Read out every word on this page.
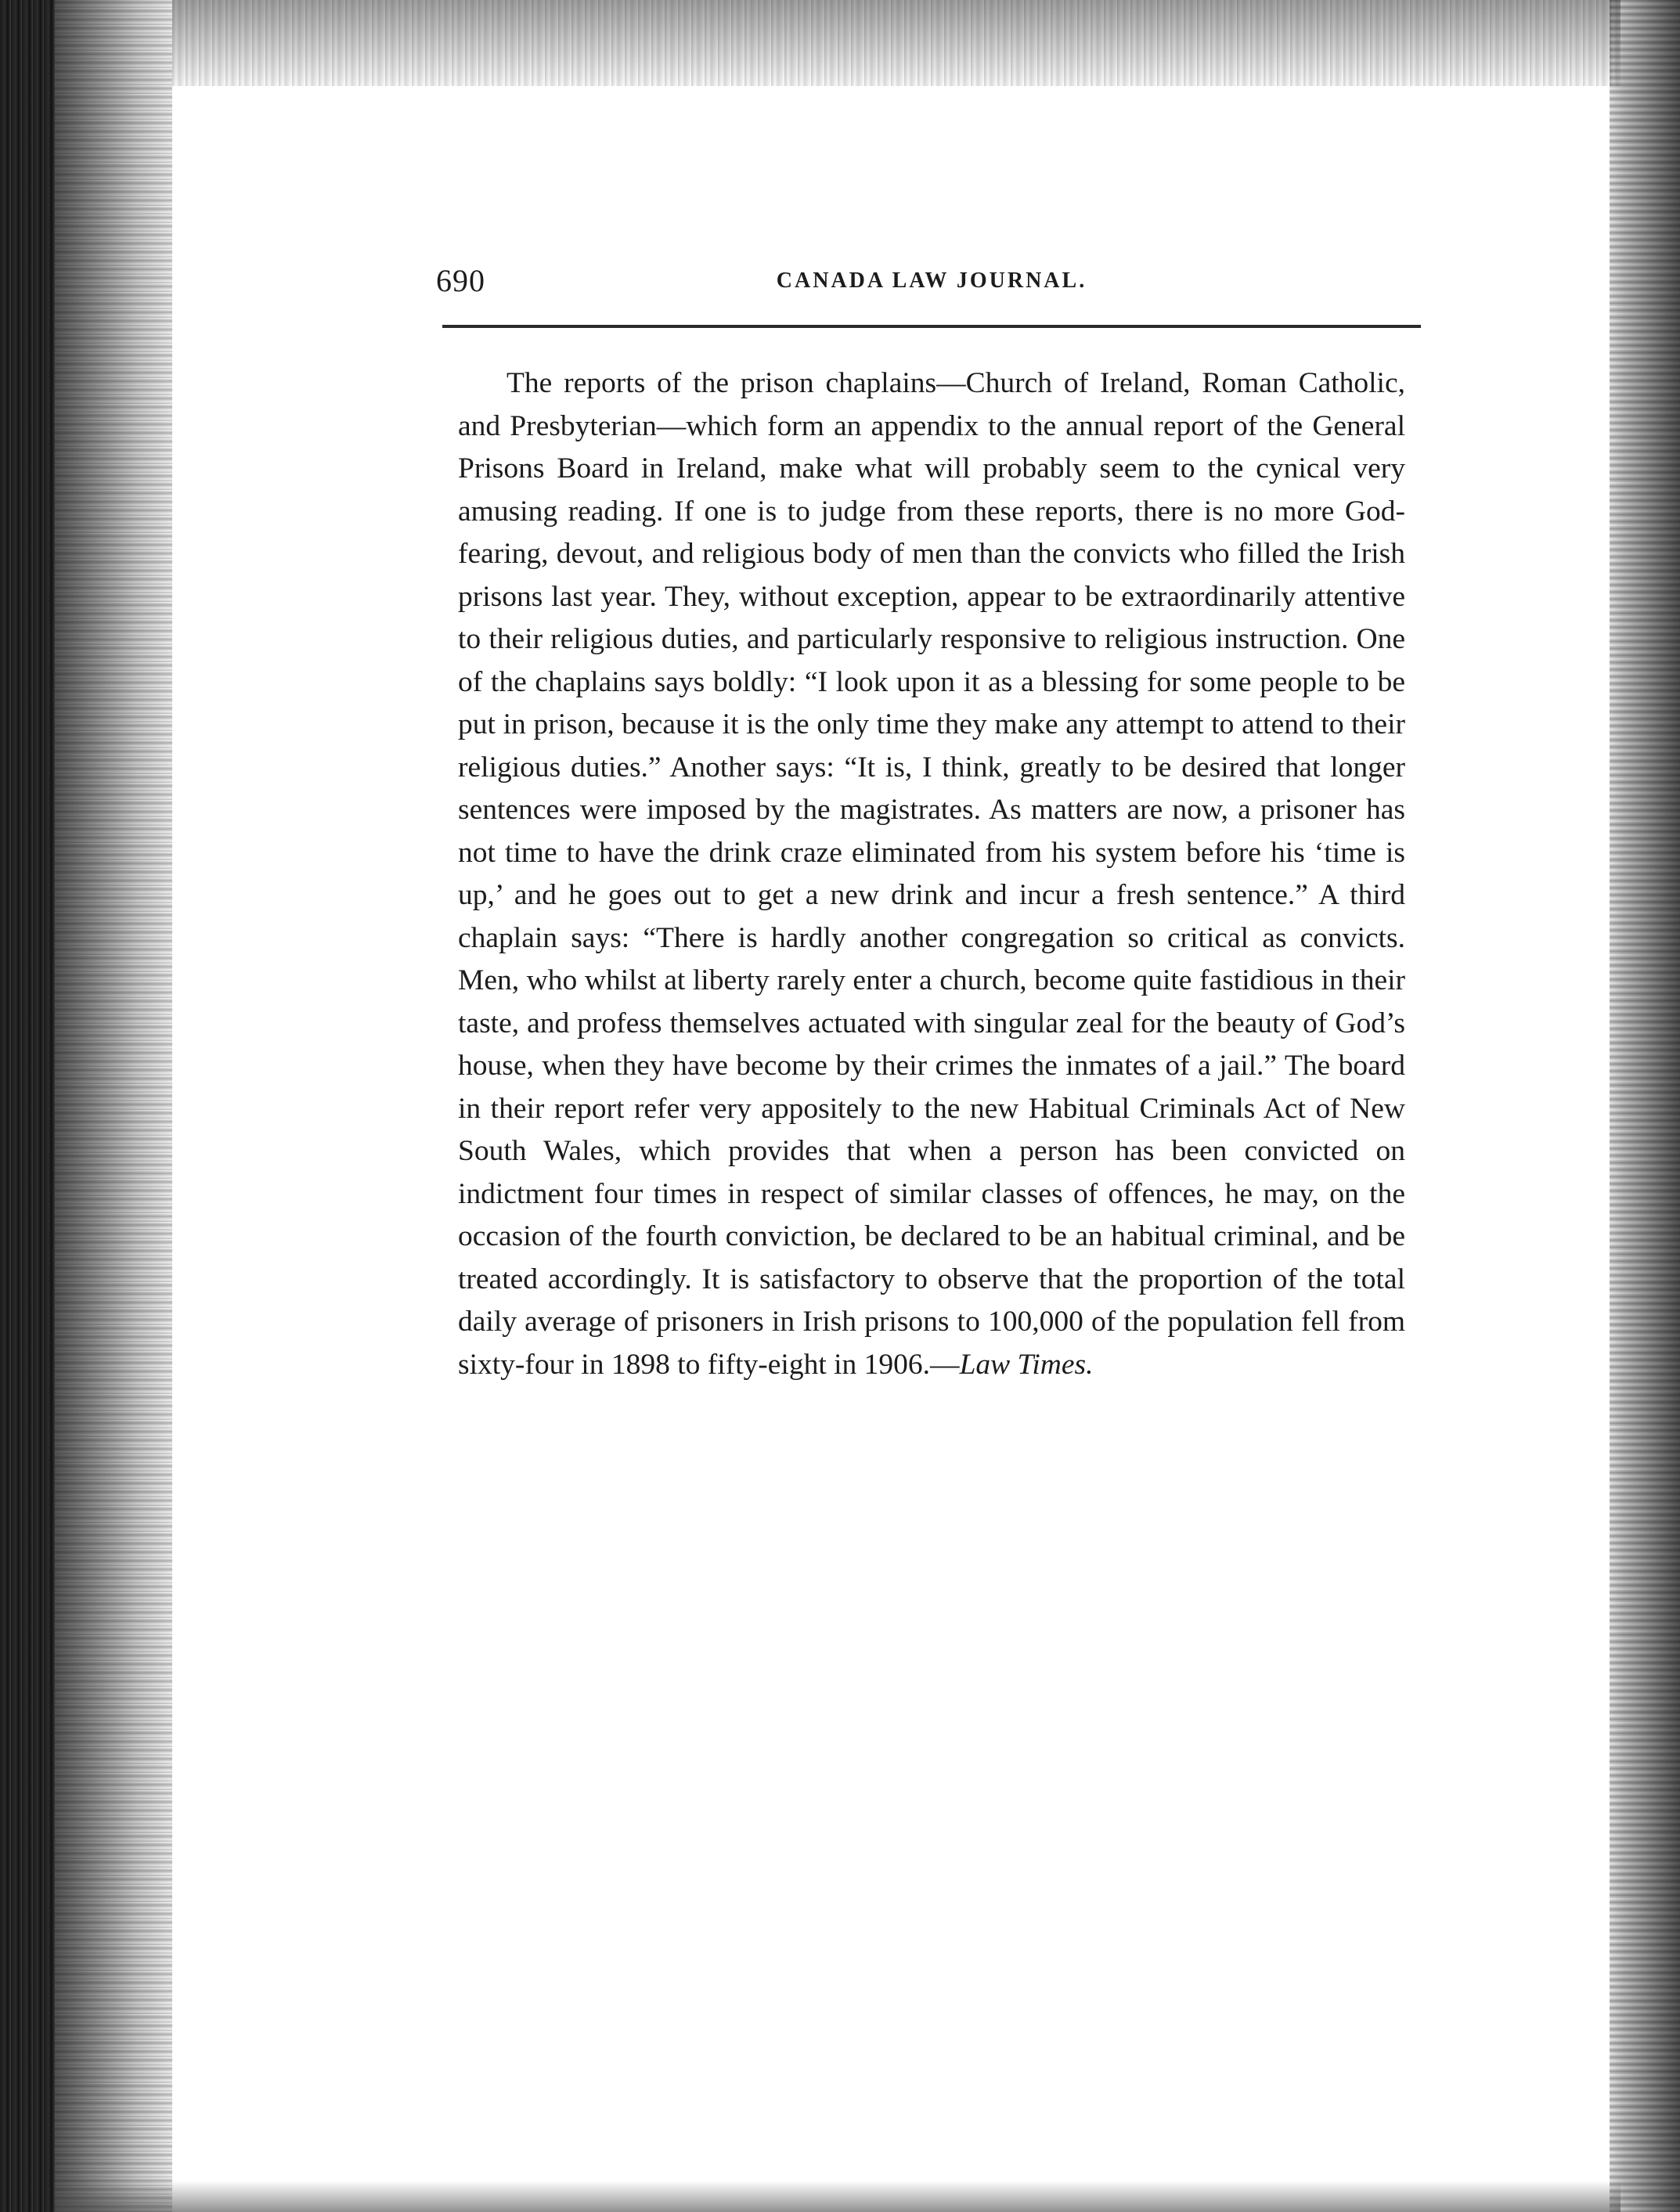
690	CANADA LAW JOURNAL.

The reports of the prison chaplains—Church of Ireland, Roman Catholic, and Presbyterian—which form an appendix to the annual report of the General Prisons Board in Ireland, make what will probably seem to the cynical very amusing reading. If one is to judge from these reports, there is no more God-fearing, devout, and religious body of men than the convicts who filled the Irish prisons last year. They, without exception, appear to be extraordinarily attentive to their religious duties, and particularly responsive to religious instruction. One of the chaplains says boldly: “I look upon it as a blessing for some people to be put in prison, because it is the only time they make any attempt to attend to their religious duties.” Another says: “It is, I think, greatly to be desired that longer sentences were imposed by the magistrates. As matters are now, a prisoner has not time to have the drink craze eliminated from his system before his ‘time is up,’ and he goes out to get a new drink and incur a fresh sentence.” A third chaplain says: “There is hardly another congregation so critical as convicts. Men, who whilst at liberty rarely enter a church, become quite fastidious in their taste, and profess themselves actuated with singular zeal for the beauty of God’s house, when they have become by their crimes the inmates of a jail.” The board in their report refer very appositely to the new Habitual Criminals Act of New South Wales, which provides that when a person has been convicted on indictment four times in respect of similar classes of offences, he may, on the occasion of the fourth conviction, be declared to be an habitual criminal, and be treated accordingly. It is satisfactory to observe that the proportion of the total daily average of prisoners in Irish prisons to 100,000 of the population fell from sixty-four in 1898 to fifty-eight in 1906.—Law Times.
